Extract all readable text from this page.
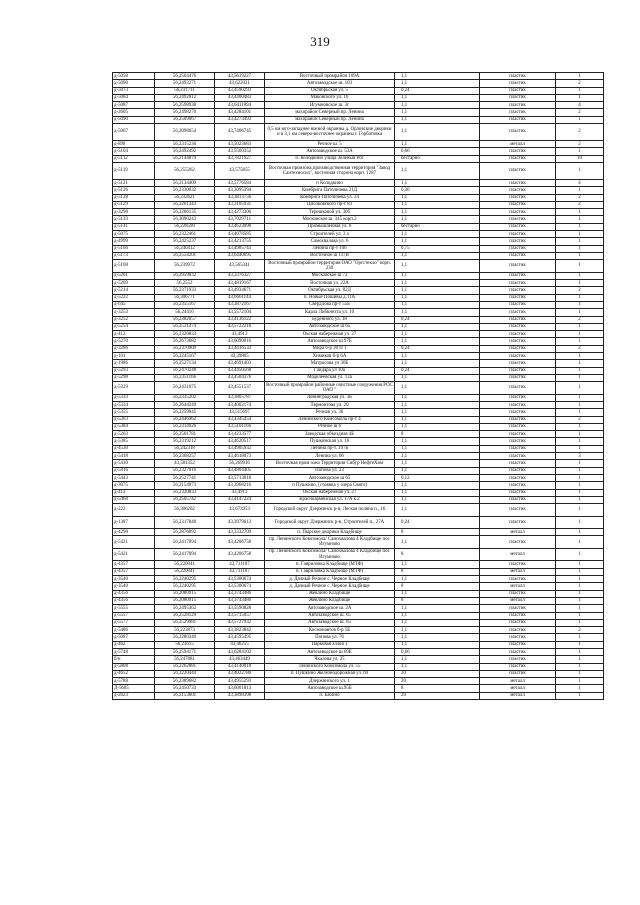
319
д-5058	56,2504476	43,5619227	Восточный промрайон 109А	1,1	пластик	1
д-5090	56,2493271	43,622021	Автозаводское ш. 103	1,1	пластик	2
д-5073	56,231711	43,4590293	Октябрьская ул. 5	0,24	пластик	1
д-5084	56,2492012	43,4400483	Маковского ул. 16	1,1	пластик	1
д-5087	56,2598938	43,6411894	Игумновское ш. 3г	1,1	пластик	4
д-2605	56,2498270	43,4284101	махорайон Северный пр. Ленина	1,1	пластик	2
д-5090	56,2509067	43,4273493	махорайон Северный пр. Ленина	1,1	пластик	1
д-5067	56,2098654	43,7406745	0,5 км юго-западнее южной окраины д. Орловские дворики и в 3,1 км северо-восточнее окраины г. Горбатовка	1,1	пластик	2
д-898	56,2315236	43,5023683	Речное ш. 5	1,1	металл	2
д-5104	56,2492492	43,5560352	Автозаводское ш. 53А	0,66	пластик	1
д-5112	56,2144879	43,7821927	п. Колодкино улица Зеленый Рог	бестарно	пластик	10
д-5119	56,255262	43,575855	Восточная промзона,производственная территория "Завод Сантехносил", восточная сторона корп. 1287	1,1	пластик	1
д-5121	56,2134409	43,5776584	п Колодкино	1,1	пластик	4
д-5126	56,2330032	43,3095394	Комбрига Патоличева 21Д	0,36	пластик	1
д-5128	56,232621	43,3813756	Комбрига Патоличева ул. 24	1,1	пластик	2
д-5129	56,2261343	43,3105931	Циолковского пр-т 83	1,1	пластик	2
д-3298	56,2266135	43,4273306	Терешковой ул. 30б	1,1	пластик	1
д-5133	56,3090243	43,7029711	Московское ш. 345 корп.2	1,1	пластик	1
д-5141	56,228599	43,4623098	Промышленная ул. 6	бестарно	пластик	1
д-5075	56,2322461	43,4078585	Строителей ул. 3 а	1,1	пластик	1
д-4999	56,2425237	43,4213755	Самохвалова ул. 6	1,1	пластик	1
д-5166	56,240412	43,4985743	Ленина пр-т 106	0,75	пластик	1
д-5173	56,2554201	43,6440695	Восточное ш 117В	1,1	пластик	1
д-5108	56,239972	43,565341	Восточный промрайон территория ОАО "Оргстекло" корп. 239	1,1	пластик	1
д-5201	56,2959832	43,3376327	Московское ш 72	1,1	пластик	1
д-5209	56,2552	43,4819167	Восточная ул. 22А	1,1	пластик	1
д-5214	56,2371933	43,4934671	Октябрьская ул. 82Д	1,1	пластик	2
д-5222	56,306771	43,6661144	п. Новые Пошивы д.11А	1,1	пластик	1
д-645	56,2355167	43,3872167	Свердлова пр-т 55Б	1,1	пластик	1
д-3253	56,24416	43,5572104	Карла Либкнехта ул. 10	1,1	пластик	1
д-3252	56,2382057	43,4136122	Буденного ул. 18	0,24	пластик	2
д-5254	56,2531474	43,5722218	Автозаводское ш 65	1,1	пластик	1
д-412	56,2320833	43,4913	Окская набережная ул. 27	1,1	пластик	1
д-5270	56,2673682	43,6090016	Автозаводское ш 97Б	1,1	пластик	1
д-3286	56,2370909	43,4416533	Мира б-р 30 П 1	0,24	пластик	2
д-101	56,2245167	43,39805	Химиков б-р 6А	1,1	пластик	1
д-1986	56,2527134	43,4691403	Матросова ул 30Б	1,1	пластик	1
д-5293	56,2470248	43,4450568	Гайдара ул 10а	0,24	пластик	1
д-5298	56,2351166	43,4504376	Моделеевская ул. 13а	1,1	пластик	1
д-5329	56,2431675	43,4551537	Восточный промрайон районные очистные сооружения РОС ОАО "	1,1	пластик	1
д-5333	56,2335202	43,3865787	Ленинградская ул. 3Б	1,1	пластик	1
д-5334	56,2644249	43,4002174	Лермонтова ул. 20	1,1	пластик	1
д-5355	56,2259045	43,515697	Речная ул. 36	1,1	пластик	1
д-5363	56,2446962	43,4345454	Ленинского Комсомола пр-т 4	1,1	пластик	2
д-5384	56,2314926	43,5101166	Речное ш 6	1,1	пластик	1
д-5263	56,2501781	43,4233577	Заводская объездная 4Б	8	пластик	1
д-5385	56,2319212	43,4620517	Пушкинская ул. 10	1,1	пластик	1
д-4530	56,242318	43,4905932	Ленина пр-т. 107Б	1,1	пластик	1
д-5418	56,2368257	43,4618073	Ленина ул. 66	1,1	пластик	3
д-5410	43,581352	56,269916	Восточная пром зона Территория Сибур НефтеХим	1,1	пластик	1
д-5416	56,2327016	43,4804405	Попова ул. 23	1,1	пластик	1
д-5443	56,2527741	43,5713018	Автозаводское ш 65	0,12	пластик	1
д-3075	56,2154973	43,3968216	п Пушкино, (стоянка у озера Свято)	1,1	пластик	1
д-412	56,2320833	43,4913	Окская набережная ул. 27	1,1	пластик	1
д-5468	56,2505742	43,4147224	Красноармейская ул. 17А к.2	1,1	пластик	1
д-222	56,306202	43,673953	Городской округ Дзержинск р-н, Леская поляна п., 16	1,1	пластик	1
д-1387	56,2317848	43,3979612	Городской округ Дзержинск р-н, Строителей п., 27А	0,24	пластик	1
д-4298	56,2876892	43,3332709	п. Пырское дворики Кладбище	8	металл	1
д-5421	56,2417094	43,4206758	пр. Ленинского Комсомола/ Самохвалова 4 Кладбище пос Игумново	1,1	пластик	1
д-5421	56,2417094	43,4206758	пр. Ленинского Комсомола/ Самохвалова 4 Кладбище пос Игумново	8	металл	1
д-4357	56,220041	43,711107	п. Гавриловка Кладбище (МТФ)	1,1	пластик	1
д-4357	56,220041	43,711107	п. Гавриловка Кладбище (МТФ)	8	металл	1
д-3540	56,2240295	43,5300674	д. Дачный Речное с. Черное Кладбище	1,1	пластик	1
д-3540	56,2240295	43,5300674	д. Дачный Речное с. Черное Кладбище	8	металл	1
д-4356	56,2080915	43,3743486	Жевлино Кладбище	1,1	пластик	1
д-4356	56,2080915	43,3743486	Жевлино Кладбище	8	металл	1
д-5555	56,2495362	43,5590828	Автозаводское ш. 2А	1,1	пластик	1
д-5557	56,2528129	43,5715057	Автозаводское ш. 65	1,1	пластик	1
д-5577	56,2529981	43,5727932	Автозаводское ш. 65	1,1	пластик	1
д-5486	56,223873	43,3823842	Космонавтов б-р 5Е	1,1	пластик	2
д-5087	56,2280340	43,4595495	Попова ул. 76	1,1	пластик	1
д-462	56,23615	43,46255	Парковая аллея 1	1,1	пластик	1
д-5748	56,2594171	43,6284102	Автозаводское ш 69Е	0,66	пластик	1
б/н	56,247881	43,463449	Чкалова ул. 25	1,1	пластик	1
д-5808	56,2262881	43,4140018	Ленинского Комсомола ул. 55	1,1	пластик	1
д-4652	56,2220444	43,4022780	п. Пушкино Железнодорожная ул. 69	20	пластик	1
д-5788	56,2389682	43,4955293	Дзержинского ул. 1	20	металл	1
Д-5605	56,2450733	43,6001813	Автозаводское ш.95Б	8	металл	1
д-2623	56,2153601	43,3898398	п. Бабино	20	металл	1
